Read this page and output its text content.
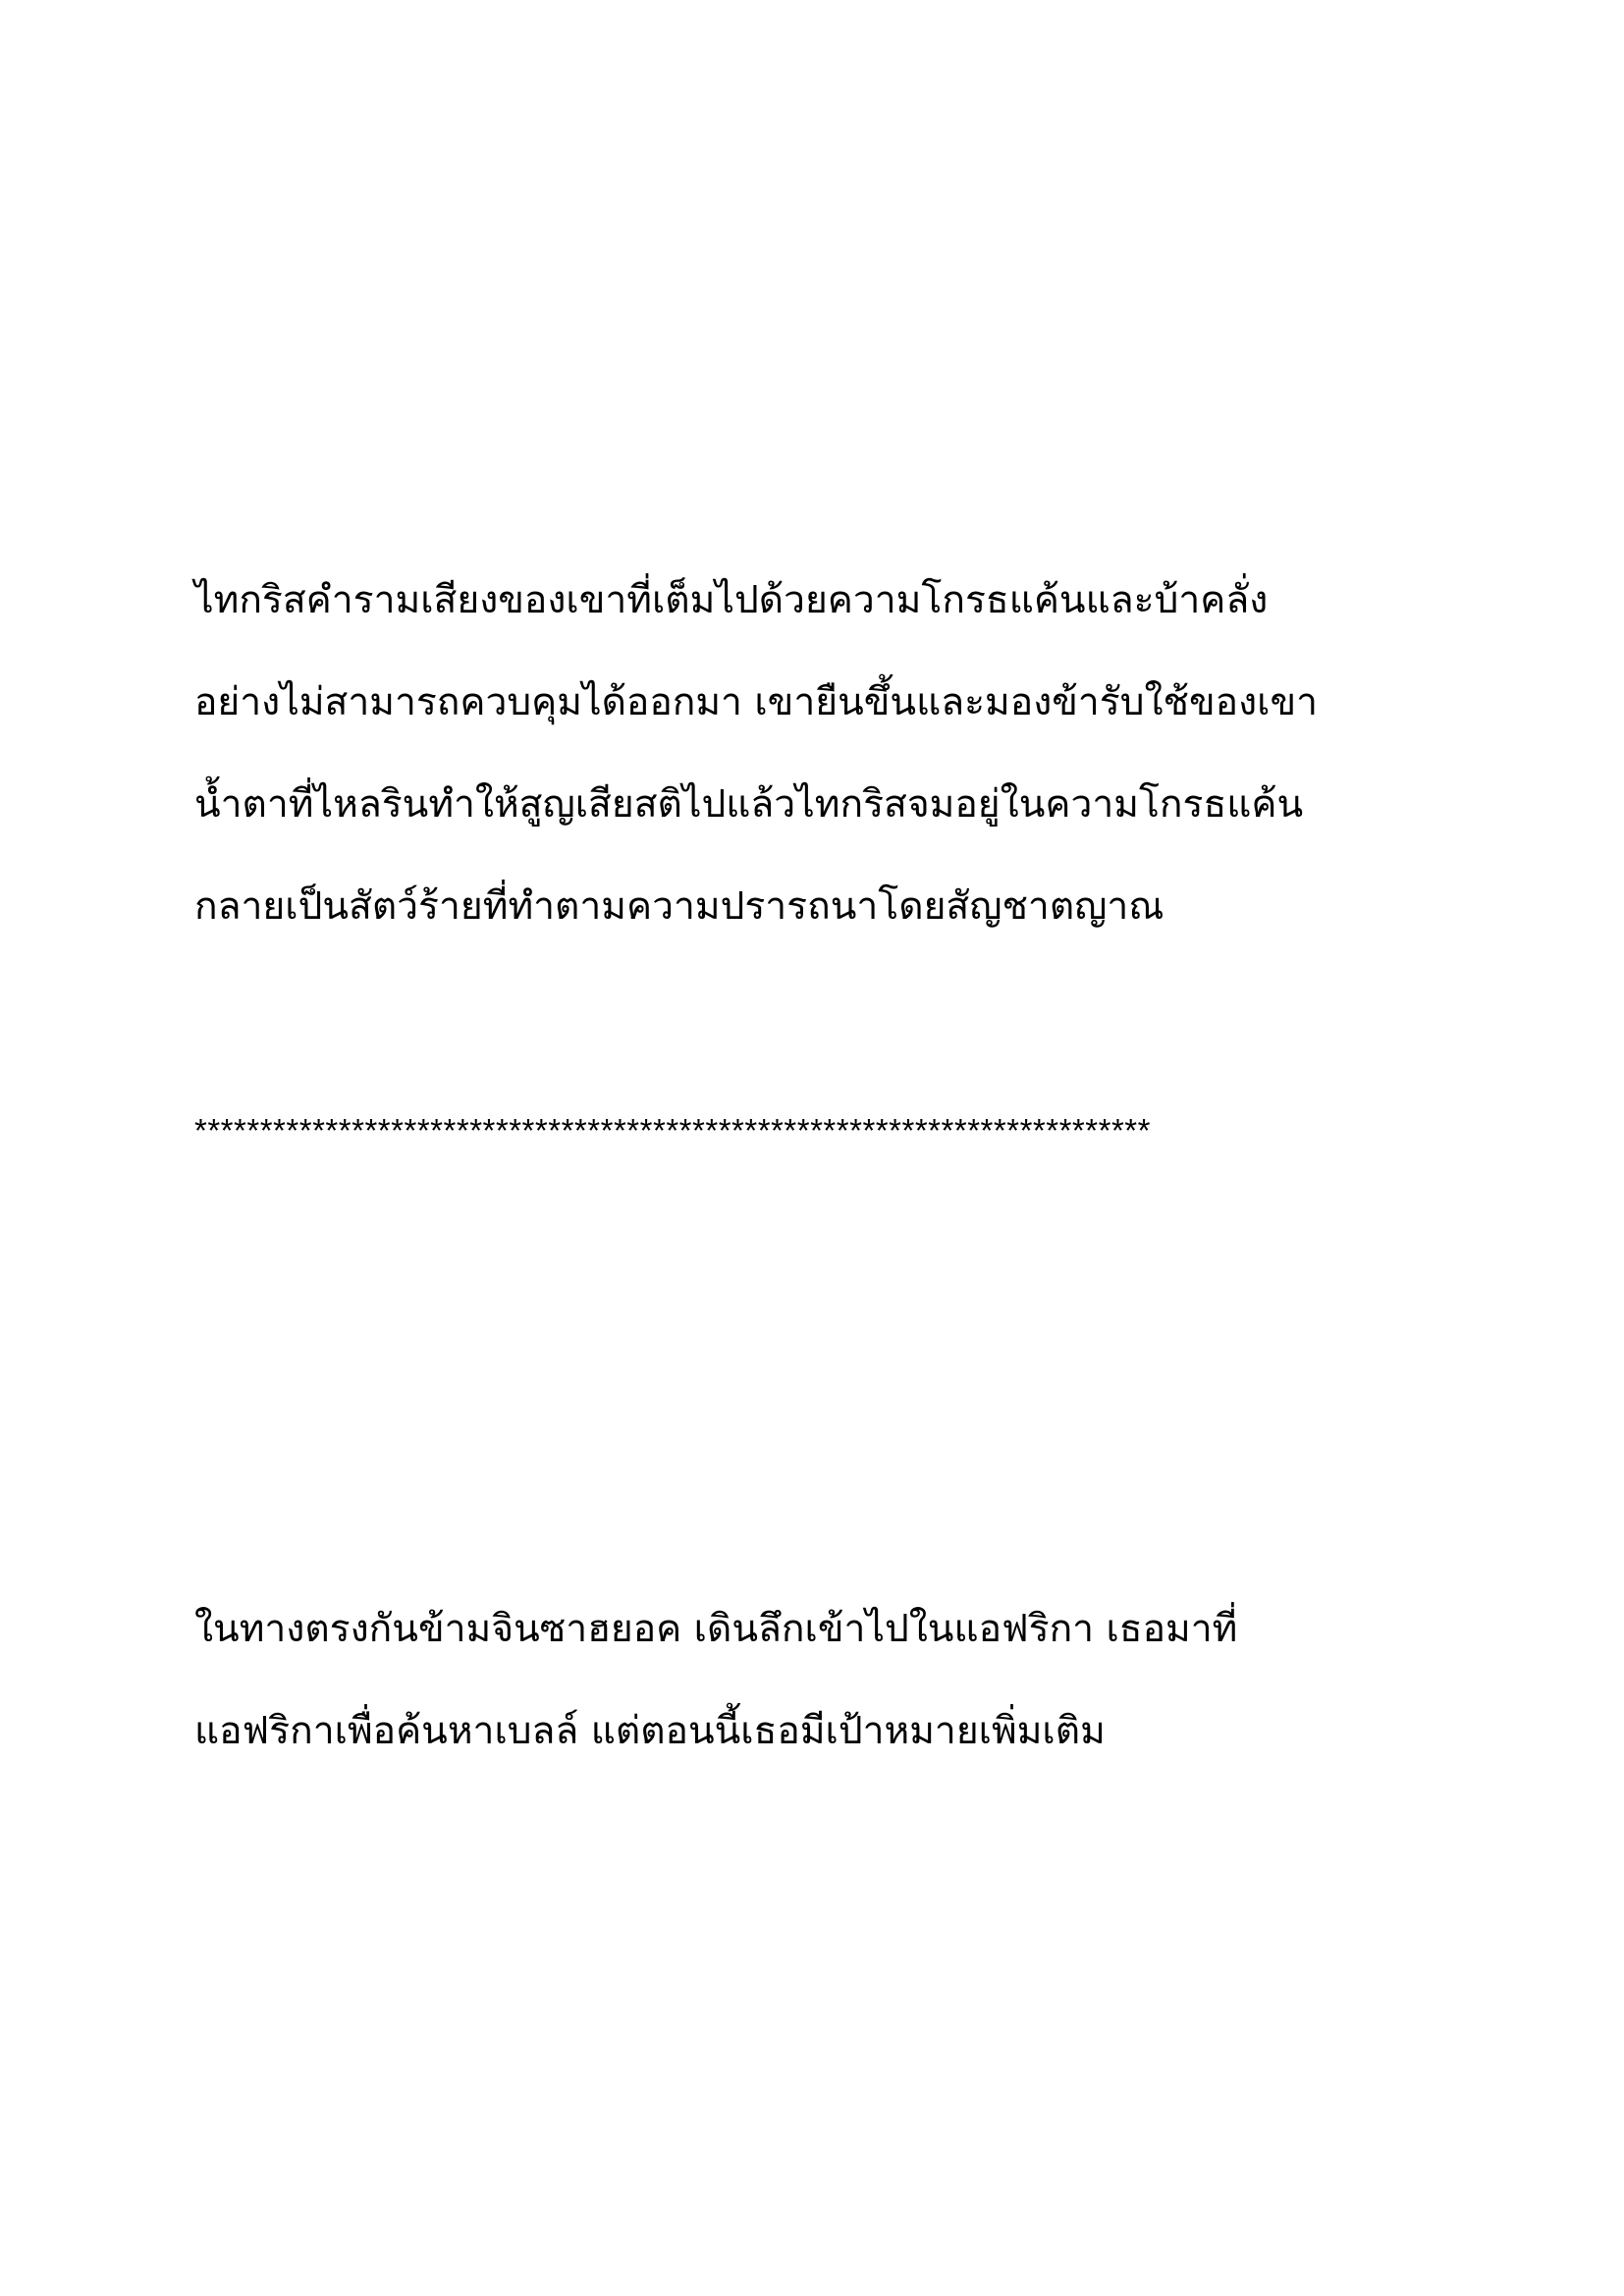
ไทกริสคำรามเสียงของเขาที่เต็มไปด้วยความโกรธแค้นและบ้าคลั่ง
อย่างไม่สามารถควบคุมได้ออกมา เขายืนขึ้นและมองข้ารับใช้ของเขา
น้ำตาที่ไหลรินทำให้สูญเสียสติไปแล้วไทกริสจมอยู่ในความโกรธแค้น
กลายเป็นสัตว์ร้ายที่ทำตามความปรารถนาโดยสัญชาตญาณ
*************************************************************************
ในทางตรงกันข้ามจินซาฮยอค เดินลึกเข้าไปในแอฟริกา เธอมาที่
แอฟริกาเพื่อค้นหาเบลล์ แต่ตอนนี้เธอมีเป้าหมายเพิ่มเติม
